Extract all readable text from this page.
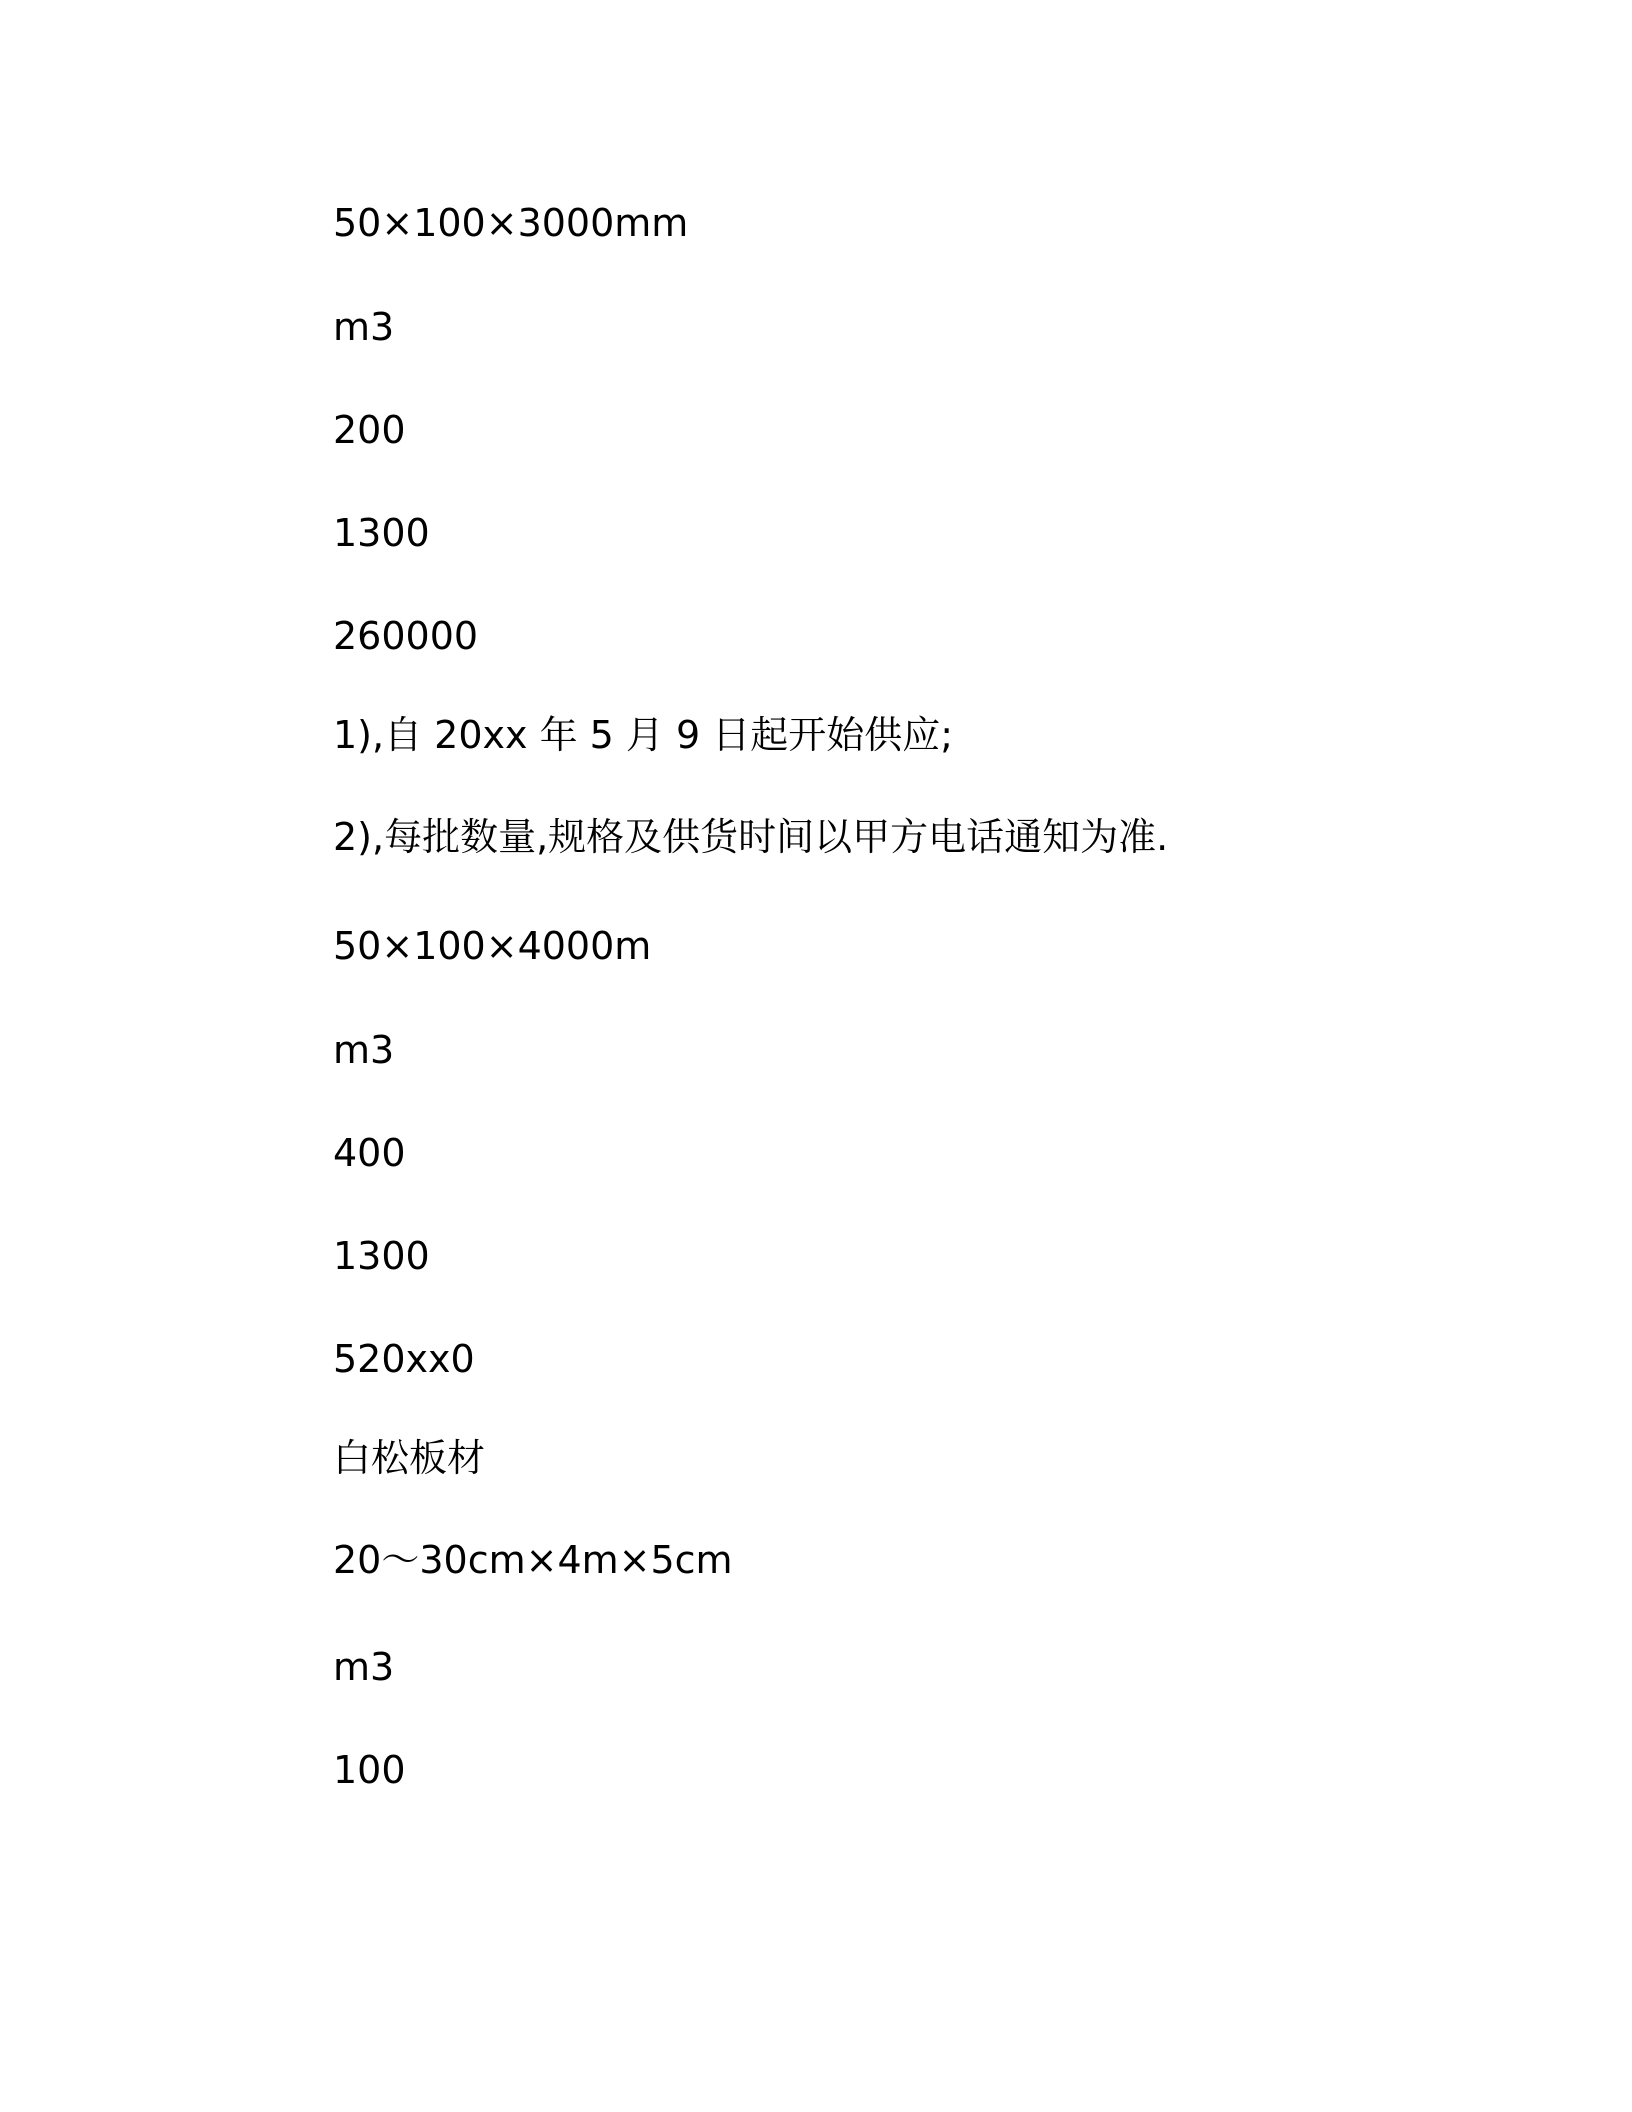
50×100×3000mm

m3

200

1300

260000

1),自 20xx 年 5 月 9 日起开始供应;

2),每批数量,规格及供货时间以甲方电话通知为准.

50×100×4000m

m3

400

1300

520xx0

白松板材

20～30cm×4m×5cm

m3

100
